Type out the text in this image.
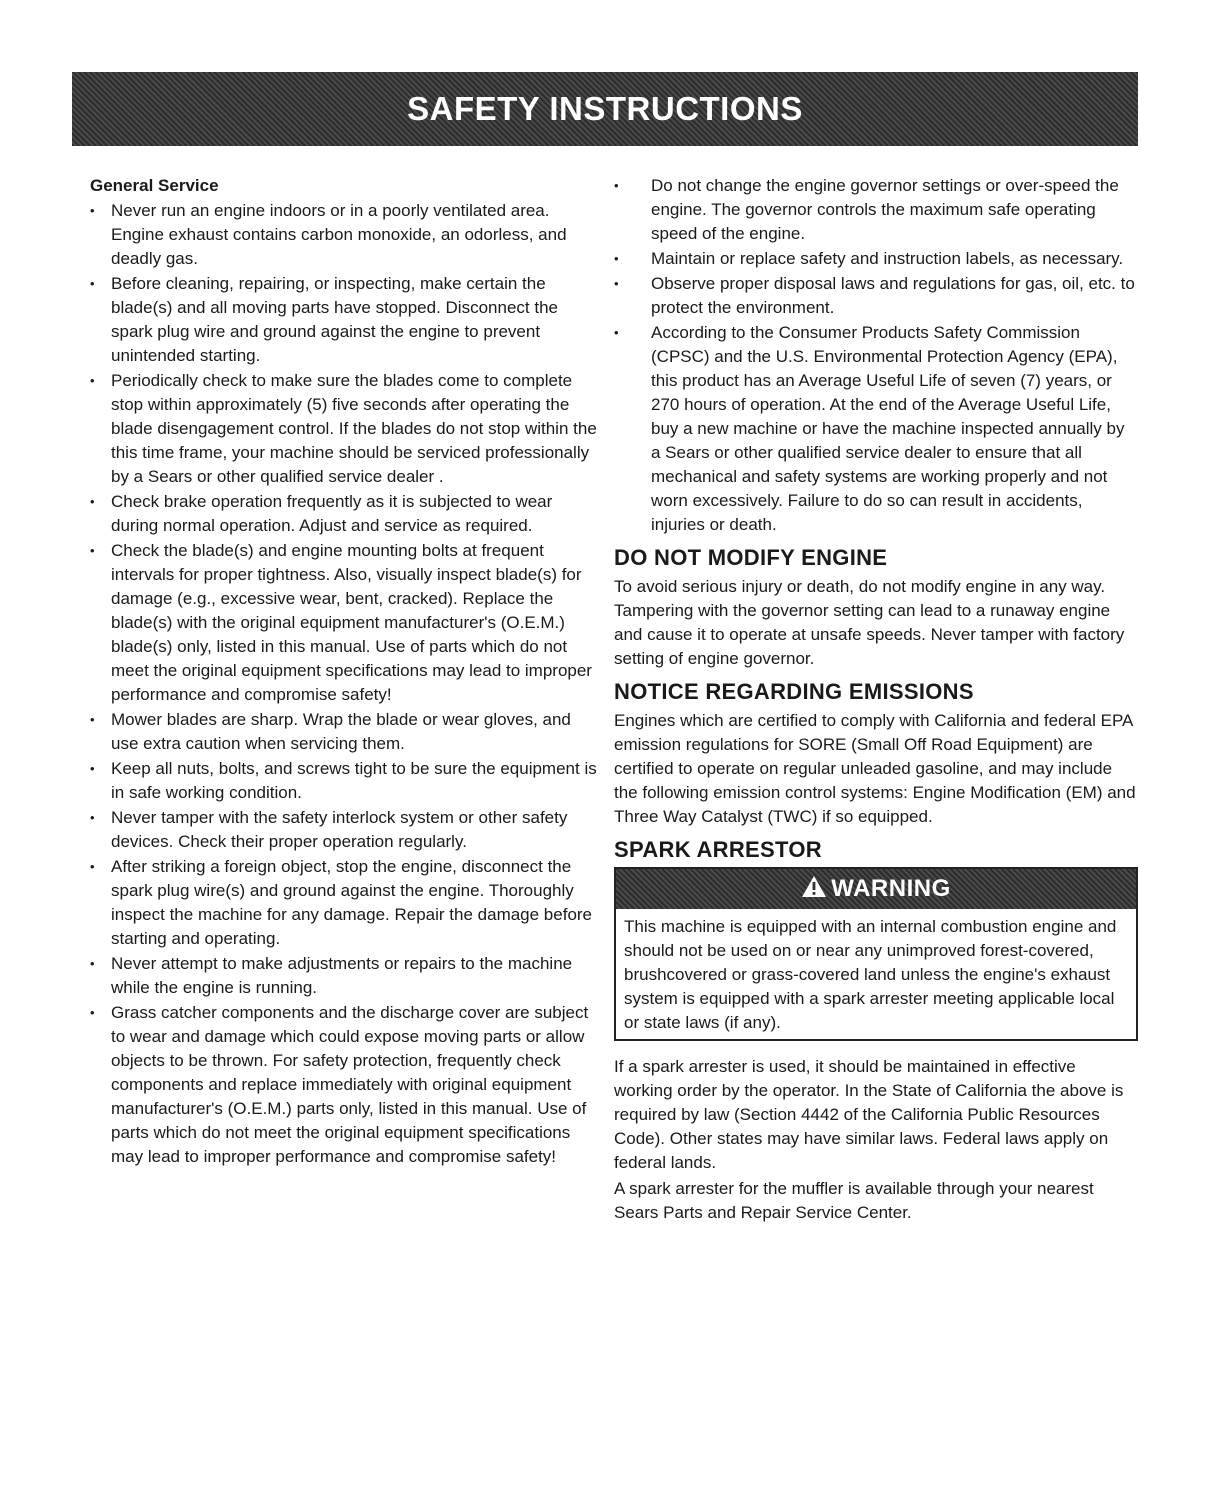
SAFETY INSTRUCTIONS
General Service
• Never run an engine indoors or in a poorly ventilated area. Engine exhaust contains carbon monoxide, an odorless, and deadly gas.
• Before cleaning, repairing, or inspecting, make certain the blade(s) and all moving parts have stopped. Disconnect the spark plug wire and ground against the engine to prevent unintended starting.
• Periodically check to make sure the blades come to complete stop within approximately (5) five seconds after operating the blade disengagement control. If the blades do not stop within the this time frame, your machine should be serviced professionally by a Sears or other qualified service dealer .
• Check brake operation frequently as it is subjected to wear during normal operation. Adjust and service as required.
• Check the blade(s) and engine mounting bolts at frequent intervals for proper tightness. Also, visually inspect blade(s) for damage (e.g., excessive wear, bent, cracked). Replace the blade(s) with the original equipment manufacturer's (O.E.M.) blade(s) only, listed in this manual. Use of parts which do not meet the original equipment specifications may lead to improper performance and compromise safety!
• Mower blades are sharp. Wrap the blade or wear gloves, and use extra caution when servicing them.
• Keep all nuts, bolts, and screws tight to be sure the equipment is in safe working condition.
• Never tamper with the safety interlock system or other safety devices. Check their proper operation regularly.
• After striking a foreign object, stop the engine, disconnect the spark plug wire(s) and ground against the engine. Thoroughly inspect the machine for any damage. Repair the damage before starting and operating.
• Never attempt to make adjustments or repairs to the machine while the engine is running.
• Grass catcher components and the discharge cover are subject to wear and damage which could expose moving parts or allow objects to be thrown. For safety protection, frequently check components and replace immediately with original equipment manufacturer's (O.E.M.) parts only, listed in this manual. Use of parts which do not meet the original equipment specifications may lead to improper performance and compromise safety!
• Do not change the engine governor settings or over-speed the engine. The governor controls the maximum safe operating speed of the engine.
• Maintain or replace safety and instruction labels, as necessary.
• Observe proper disposal laws and regulations for gas, oil, etc. to protect the environment.
• According to the Consumer Products Safety Commission (CPSC) and the U.S. Environmental Protection Agency (EPA), this product has an Average Useful Life of seven (7) years, or 270 hours of operation. At the end of the Average Useful Life, buy a new machine or have the machine inspected annually by a Sears or other qualified service dealer to ensure that all mechanical and safety systems are working properly and not worn excessively. Failure to do so can result in accidents, injuries or death.
DO NOT MODIFY ENGINE

To avoid serious injury or death, do not modify engine in any way. Tampering with the governor setting can lead to a runaway engine and cause it to operate at unsafe speeds. Never tamper with factory setting of engine governor.

NOTICE REGARDING EMISSIONS

Engines which are certified to comply with California and federal EPA emission regulations for SORE (Small Off Road Equipment) are certified to operate on regular unleaded gasoline, and may include the following emission control systems: Engine Modification (EM) and Three Way Catalyst (TWC) if so equipped.

SPARK ARRESTOR
WARNING
This machine is equipped with an internal combustion engine and should not be used on or near any unimproved forest-covered, brushcovered or grass-covered land unless the engine's exhaust system is equipped with a spark arrester meeting applicable local or state laws (if any).

If a spark arrester is used, it should be maintained in effective working order by the operator. In the State of California the above is required by law (Section 4442 of the California Public Resources Code). Other states may have similar laws. Federal laws apply on federal lands.

A spark arrester for the muffler is available through your nearest Sears Parts and Repair Service Center.
